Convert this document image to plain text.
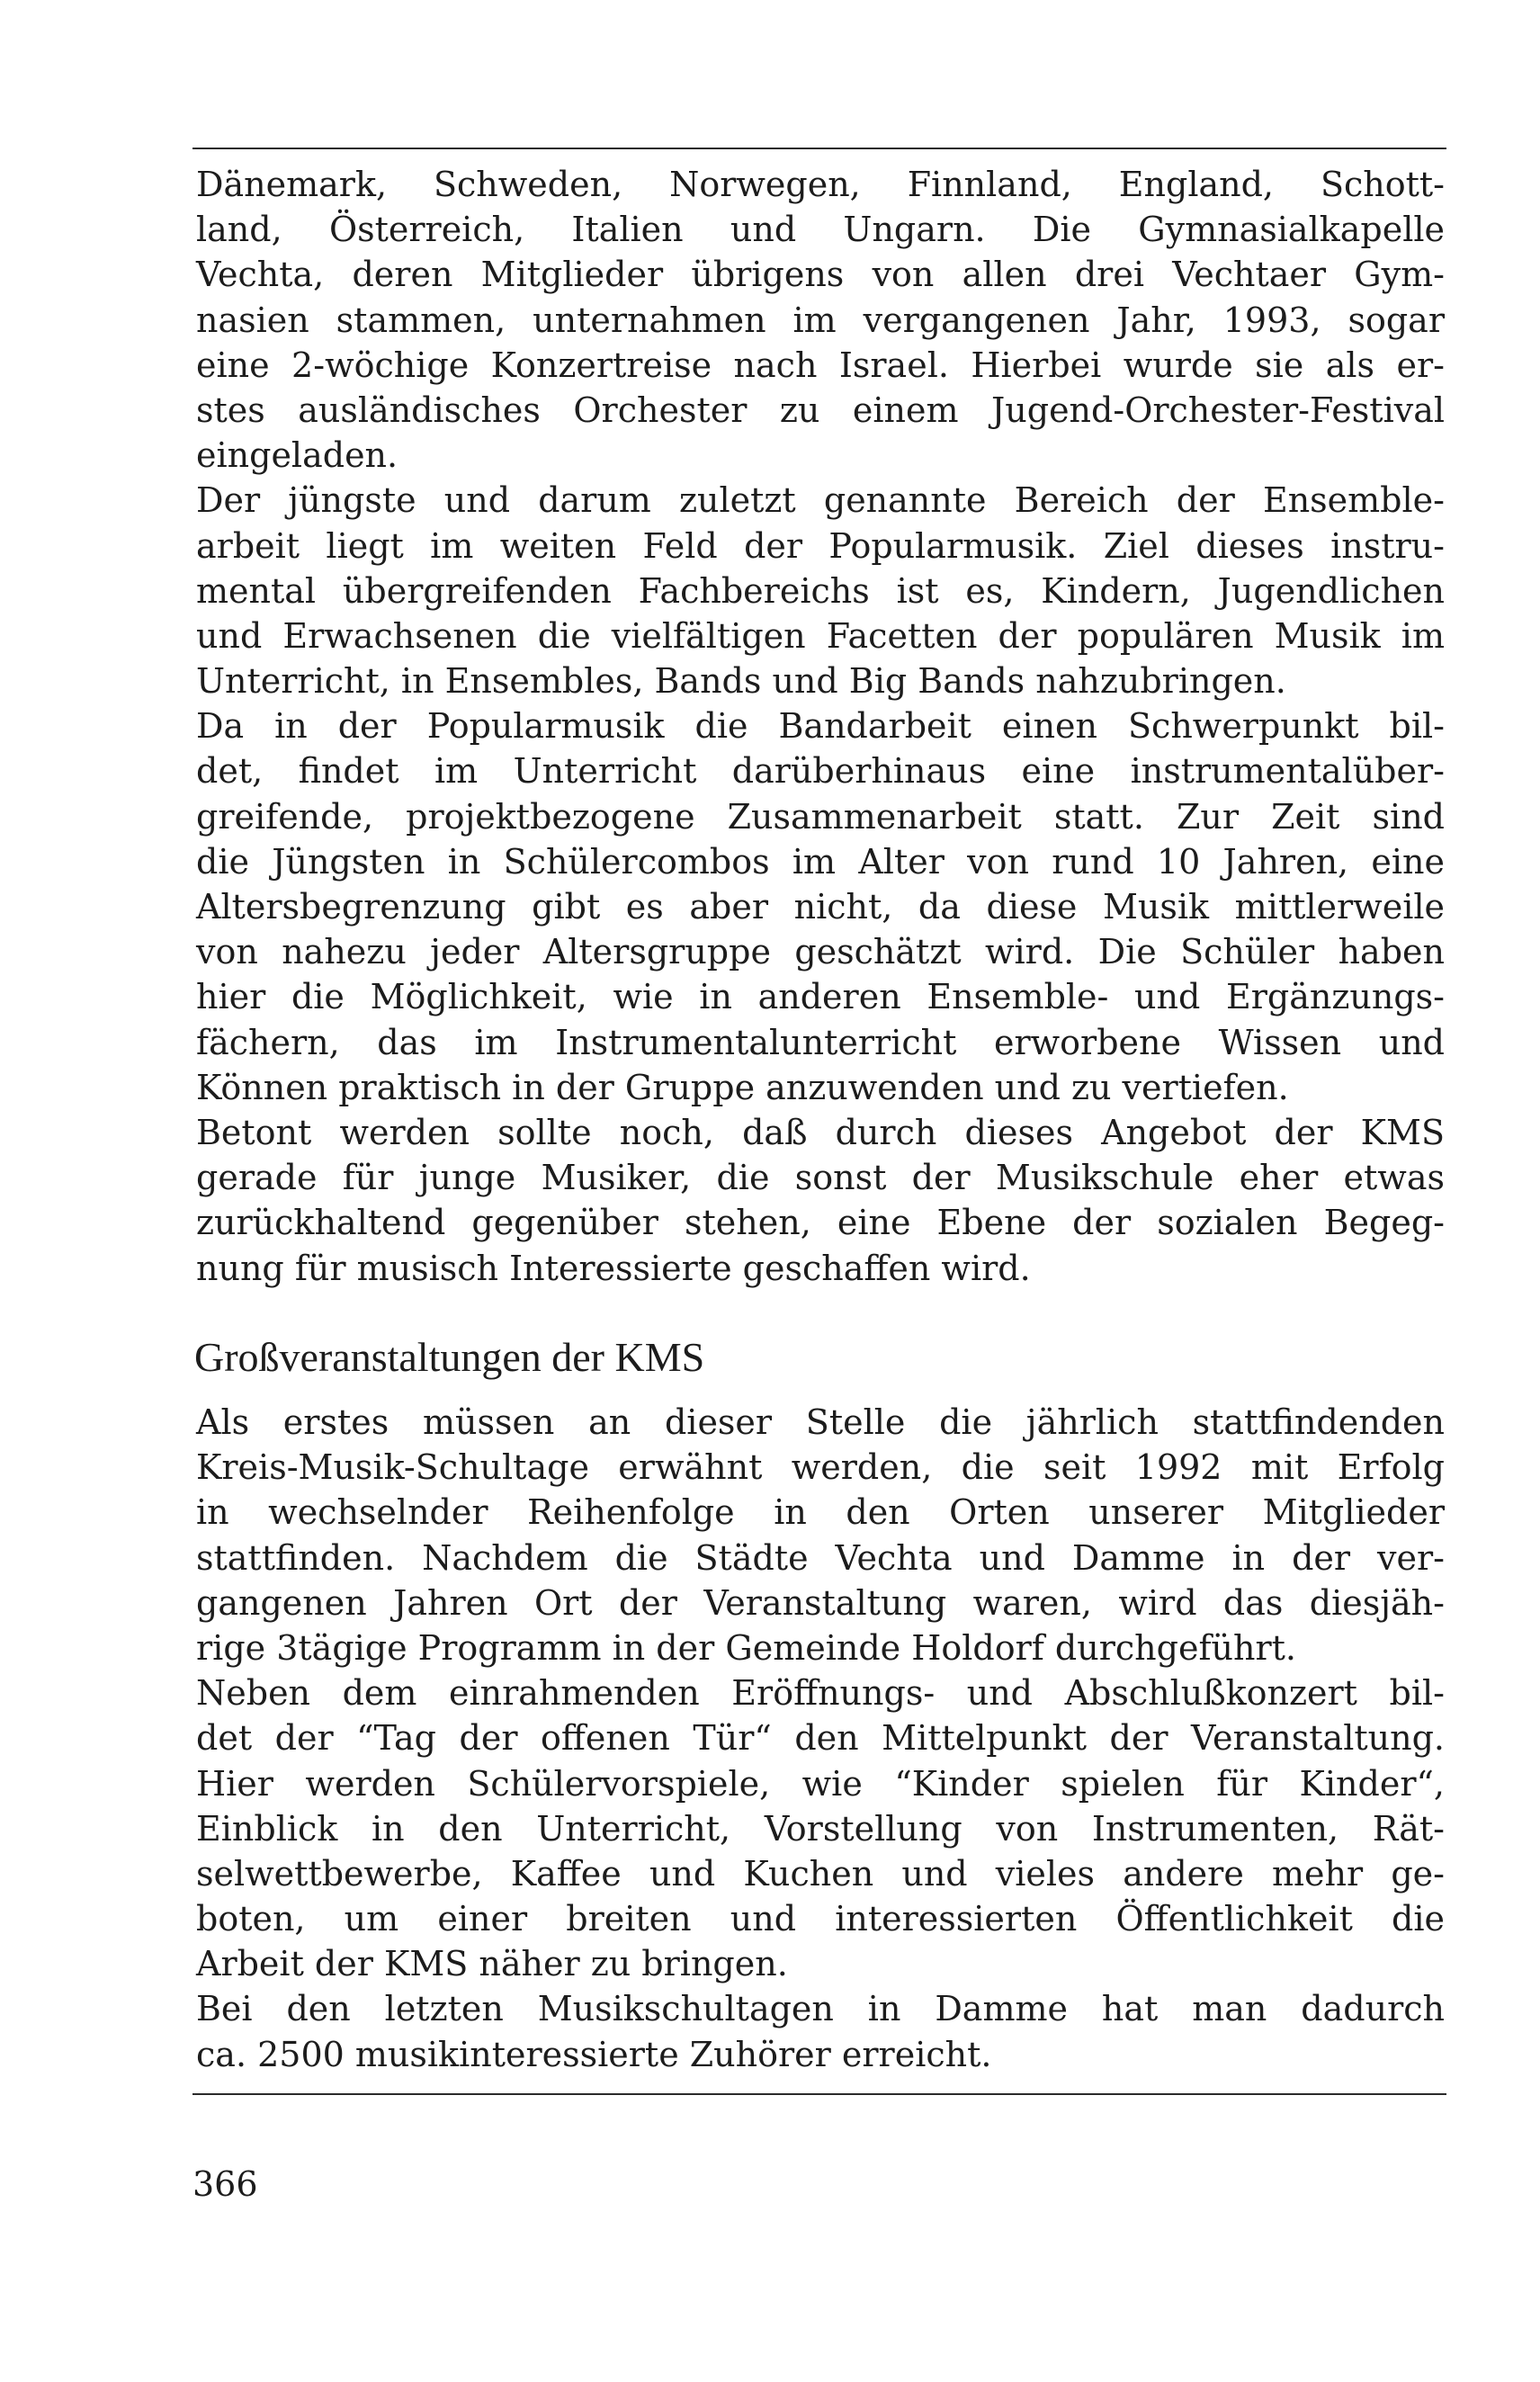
Dänemark, Schweden, Norwegen, Finnland, England, Schott-
land, Österreich, Italien und Ungarn. Die Gymnasialkapelle
Vechta, deren Mitglieder übrigens von allen drei Vechtaer Gym-
nasien stammen, unternahmen im vergangenen Jahr, 1993, sogar
eine 2-wöchige Konzertreise nach Israel. Hierbei wurde sie als er-
stes ausländisches Orchester zu einem Jugend-Orchester-Festival
eingeladen.
Der jüngste und darum zuletzt genannte Bereich der Ensemble-
arbeit liegt im weiten Feld der Popularmusik. Ziel dieses instru-
mental übergreifenden Fachbereichs ist es, Kindern, Jugendlichen
und Erwachsenen die vielfältigen Facetten der populären Musik im
Unterricht, in Ensembles, Bands und Big Bands nahzubringen.
Da in der Popularmusik die Bandarbeit einen Schwerpunkt bil-
det, findet im Unterricht darüberhinaus eine instrumentalüber-
greifende, projektbezogene Zusammenarbeit statt. Zur Zeit sind
die Jüngsten in Schülercombos im Alter von rund 10 Jahren, eine
Altersbegrenzung gibt es aber nicht, da diese Musik mittlerweile
von nahezu jeder Altersgruppe geschätzt wird. Die Schüler haben
hier die Möglichkeit, wie in anderen Ensemble- und Ergänzungs-
fächern, das im Instrumentalunterricht erworbene Wissen und
Können praktisch in der Gruppe anzuwenden und zu vertiefen.
Betont werden sollte noch, daß durch dieses Angebot der KMS
gerade für junge Musiker, die sonst der Musikschule eher etwas
zurückhaltend gegenüber stehen, eine Ebene der sozialen Begeg-
nung für musisch Interessierte geschaffen wird.
Großveranstaltungen der KMS
Als erstes müssen an dieser Stelle die jährlich stattfindenden
Kreis-Musik-Schultage erwähnt werden, die seit 1992 mit Erfolg
in wechselnder Reihenfolge in den Orten unserer Mitglieder
stattfinden. Nachdem die Städte Vechta und Damme in der ver-
gangenen Jahren Ort der Veranstaltung waren, wird das diesjäh-
rige 3tägige Programm in der Gemeinde Holdorf durchgeführt.
Neben dem einrahmenden Eröffnungs- und Abschlußkonzert bil-
det der “Tag der offenen Tür“ den Mittelpunkt der Veranstaltung.
Hier werden Schülervorspiele, wie “Kinder spielen für Kinder“,
Einblick in den Unterricht, Vorstellung von Instrumenten, Rät-
selwettbewerbe, Kaffee und Kuchen und vieles andere mehr ge-
boten, um einer breiten und interessierten Öffentlichkeit die
Arbeit der KMS näher zu bringen.
Bei den letzten Musikschultagen in Damme hat man dadurch
ca. 2500 musikinteressierte Zuhörer erreicht.
366
